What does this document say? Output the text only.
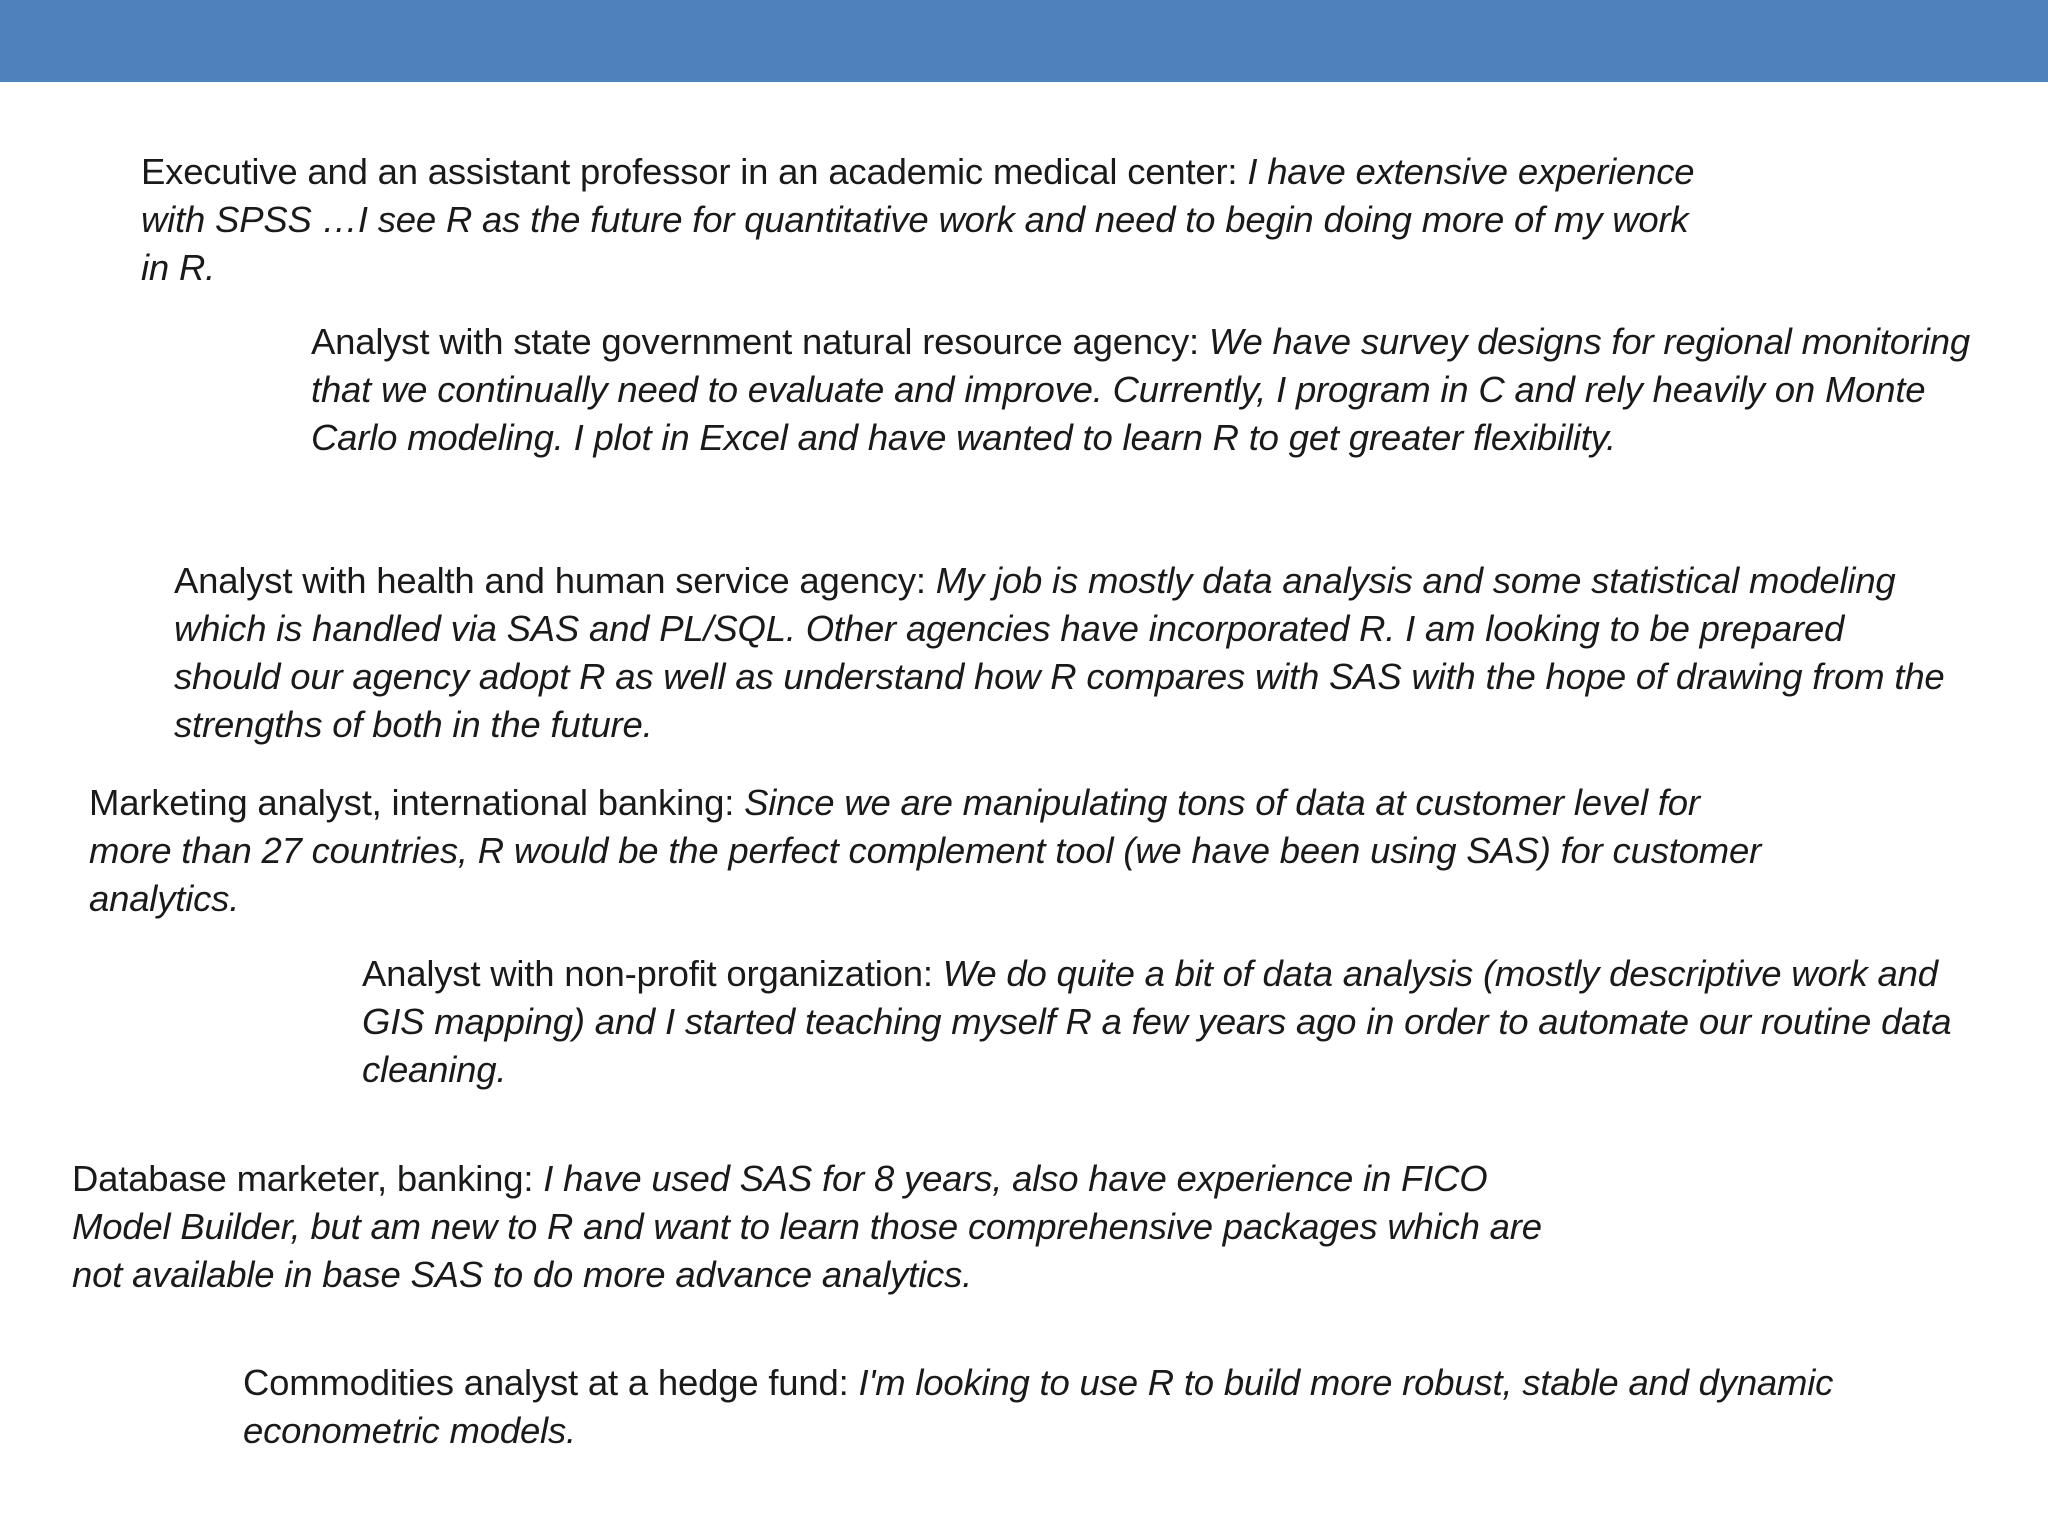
Executive and an assistant professor in an academic medical center: I have extensive experience with SPSS …I see R as the future for quantitative work and need to begin doing more of my work in R.

Analyst with state government natural resource agency: We have survey designs for regional monitoring that we continually need to evaluate and improve. Currently, I program in C and rely heavily on Monte Carlo modeling. I plot in Excel and have wanted to learn R to get greater flexibility.

Analyst with health and human service agency: My job is mostly data analysis and some statistical modeling which is handled via SAS and PL/SQL. Other agencies have incorporated R. I am looking to be prepared should our agency adopt R as well as understand how R compares with SAS with the hope of drawing from the strengths of both in the future.

Marketing analyst, international banking: Since we are manipulating tons of data at customer level for more than 27 countries, R would be the perfect complement tool (we have been using SAS) for customer analytics.

Analyst with non-profit organization: We do quite a bit of data analysis (mostly descriptive work and GIS mapping) and I started teaching myself R a few years ago in order to automate our routine data cleaning.

Database marketer, banking: I have used SAS for 8 years, also have experience in FICO Model Builder, but am new to R and want to learn those comprehensive packages which are not available in base SAS to do more advance analytics.

Commodities analyst at a hedge fund: I'm looking to use R to build more robust, stable and dynamic econometric models.
